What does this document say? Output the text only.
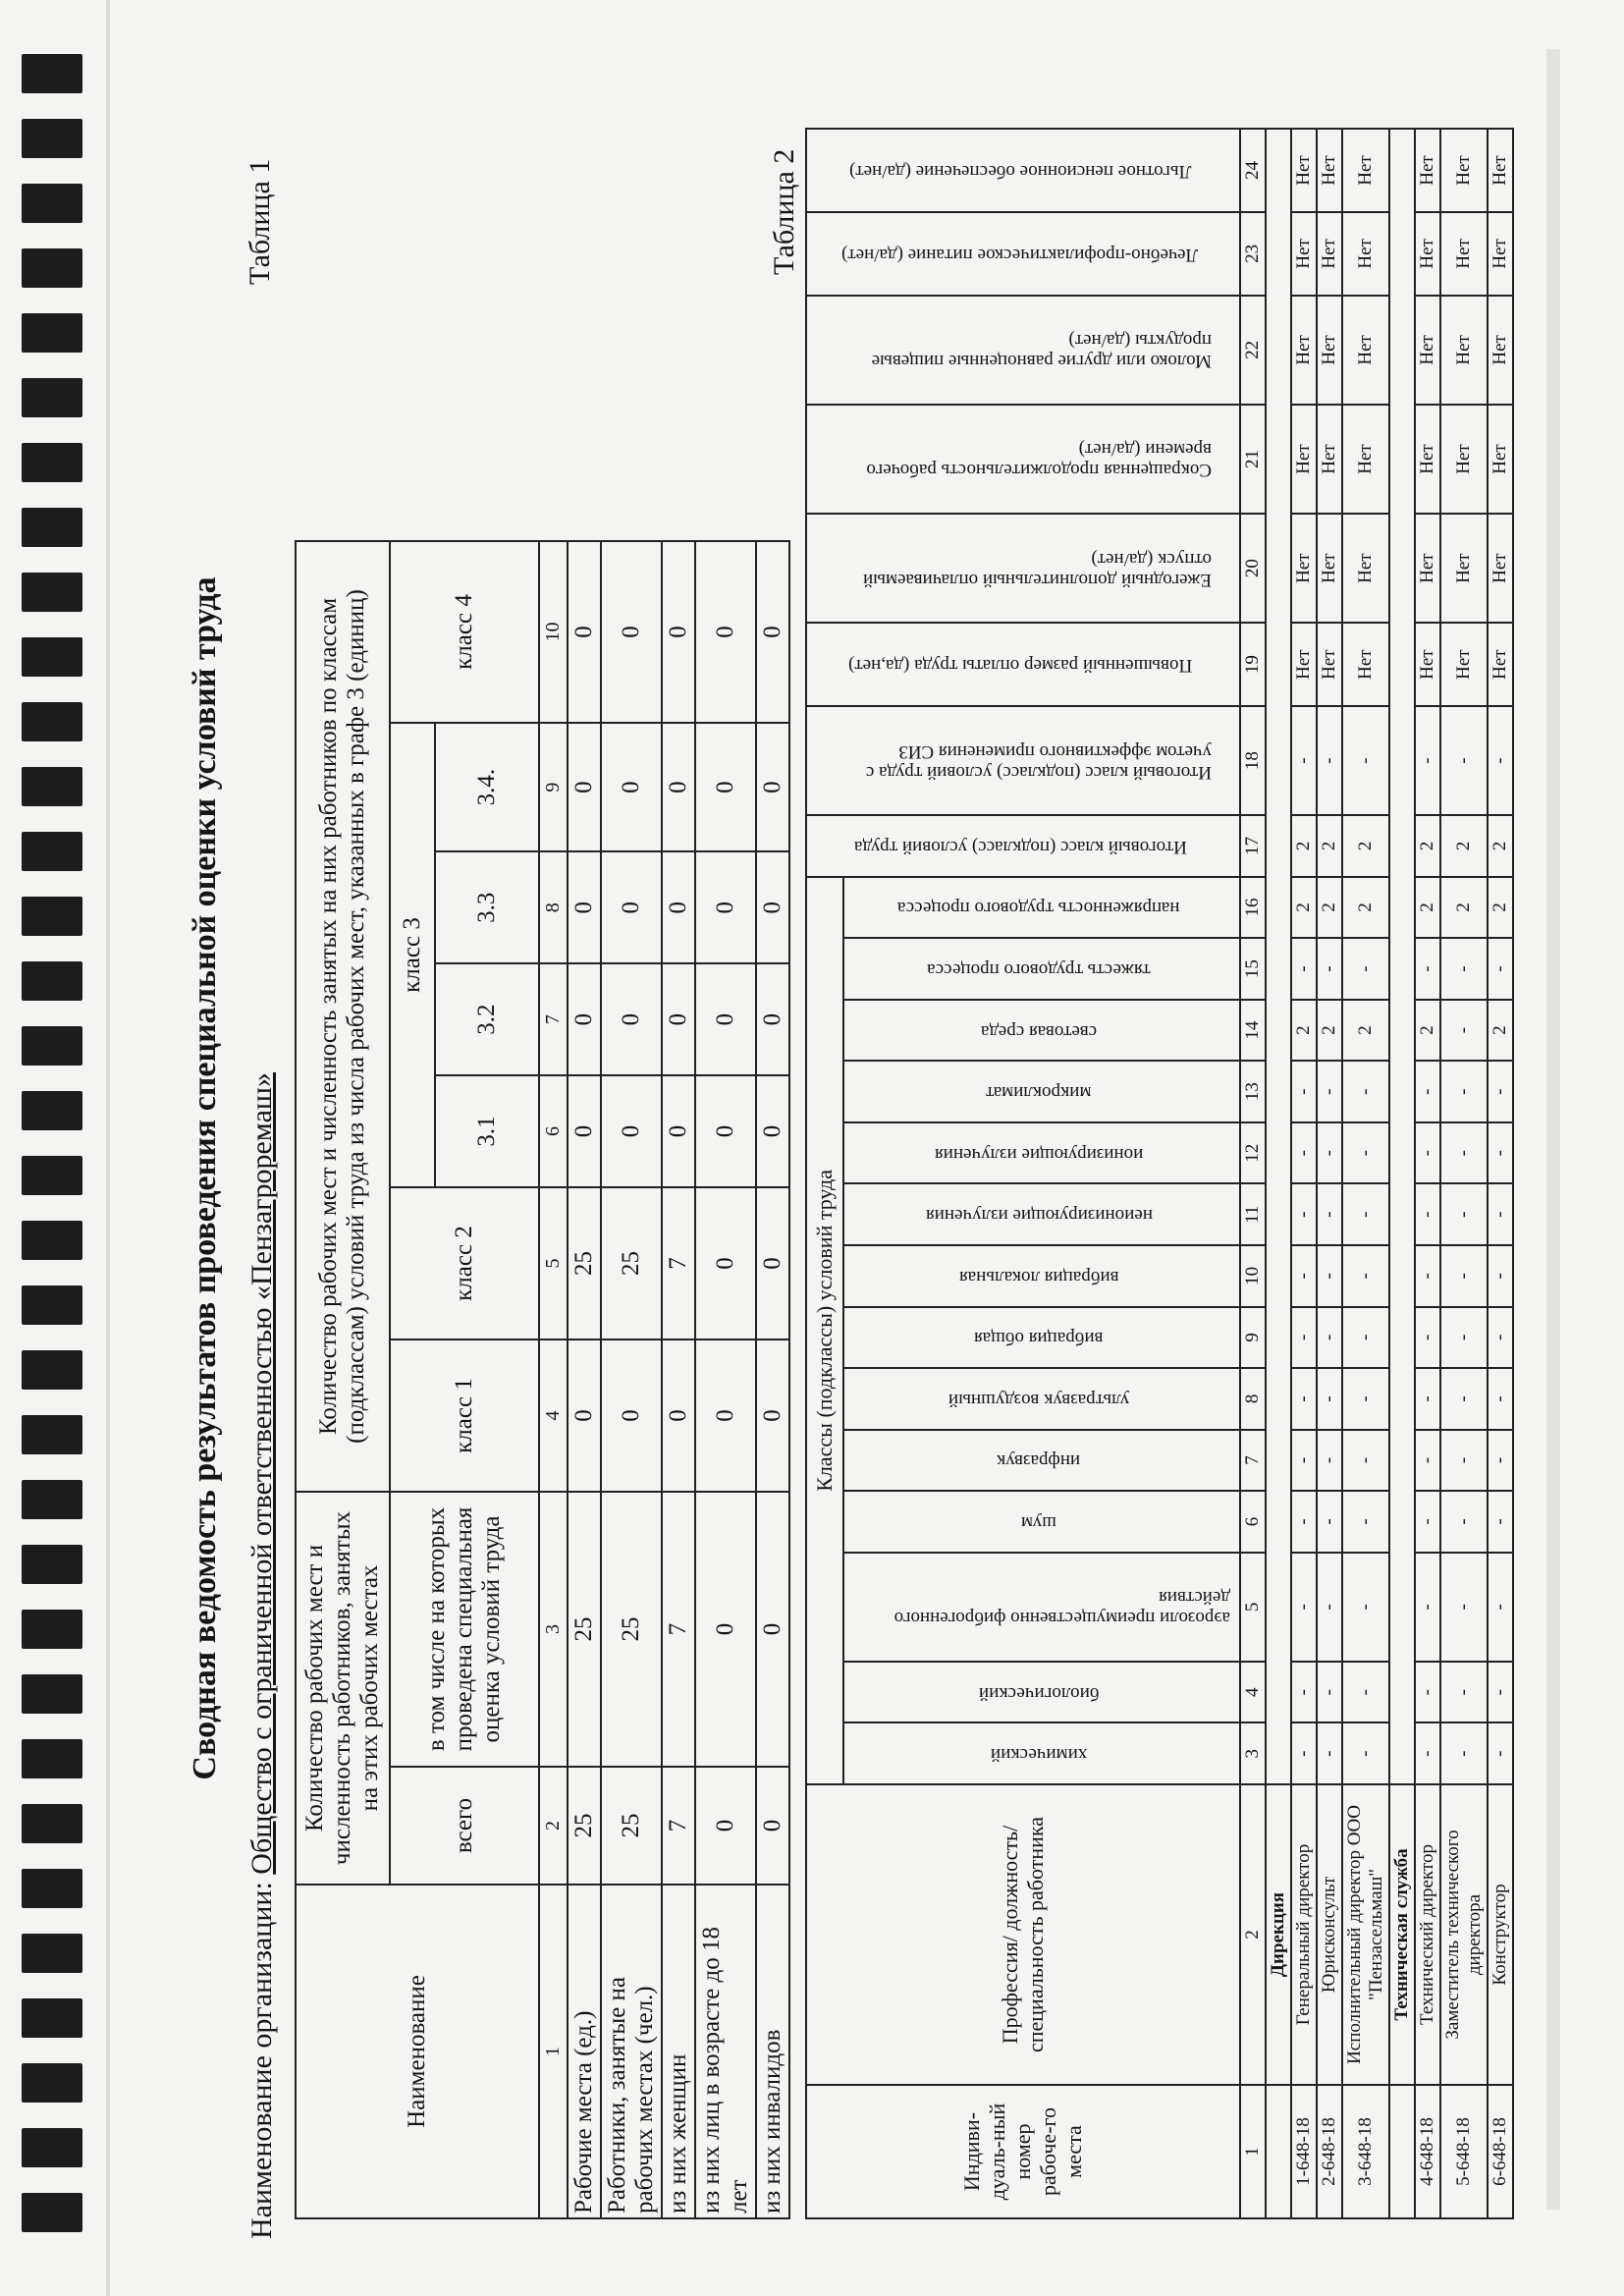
Сводная ведомость результатов проведения специальной оценки условий труда
Наименование организации: Общество с ограниченной ответственностью «Пензагроремаш»
Таблица 1
Наименование	Количество рабочих мест и численность работников, занятых на этих рабочих местах		Количество рабочих мест и численность занятых на них работников по классам (подклассам) условий труда из числа рабочих мест, указанных в графе 3 (единиц)						
	всего	в том числе на которых проведена специальная оценка условий труда	класс 1	класс 2	класс 3				класс 4
					3.1	3.2	3.3	3.4.	
1	2	3	4	5	6	7	8	9	10
Рабочие места (ед.)	25	25	0	25	0	0	0	0	0
Работники, занятые на рабочих местах (чел.)	25	25	0	25	0	0	0	0	0
из них женщин	7	7	0	7	0	0	0	0	0
из них лиц в возрасте до 18 лет	0	0	0	0	0	0	0	0	0
из них инвалидов	0	0	0	0	0	0	0	0	0
Таблица 2
Индиви-дуаль-ный номер рабоче-го места	Профессия/ должность/ специальность работника	Классы (подклассы) условий труда														Итоговый класс (подкласс) условий труда	Итоговый класс (подкласс) условий труда с учетом эффективного применения СИЗ	Повышенный размер оплаты труда (да,нет)	Ежегодный дополнительный оплачиваемый отпуск (да/нет)	Сокращенная продолжительность рабочего времени (да/нет)	Молоко или другие равноценные пищевые продукты (да/нет)	Лечебно-профилактическое питание (да/нет)	Льготное пенсионное обеспечение (да/нет)
		химический	биологический	аэрозоли преимущественно фиброгенного действия	шум	инфразвук	ультразвук воздушный	вибрация общая	вибрация локальная	неионизирующие излучения	ионизирующие излучения	микроклимат	световая среда	тяжесть трудового процесса	напряженность трудового процесса								
1	2	3	4	5	6	7	8	9	10	11	12	13	14	15	16	17	18	19	20	21	22	23	24
	Дирекция																						
1-648-18	Генеральный директор	-	-	-	-	-	-	-	-	-	-	-	2	-	2	2	-	Нет	Нет	Нет	Нет	Нет	Нет
2-648-18	Юрисконсульт	-	-	-	-	-	-	-	-	-	-	-	2	-	2	2	-	Нет	Нет	Нет	Нет	Нет	Нет
3-648-18	Исполнительный директор ООО "Пензасельмаш"	-	-	-	-	-	-	-	-	-	-	-	2	-	2	2	-	Нет	Нет	Нет	Нет	Нет	Нет
	Техническая служба																						
4-648-18	Технический директор	-	-	-	-	-	-	-	-	-	-	-	2	-	2	2	-	Нет	Нет	Нет	Нет	Нет	Нет
5-648-18	Заместитель технического директора	-	-	-	-	-	-	-	-	-	-	-	-	-	2	2	-	Нет	Нет	Нет	Нет	Нет	Нет
6-648-18	Конструктор	-	-	-	-	-	-	-	-	-	-	-	2	-	2	2	-	Нет	Нет	Нет	Нет	Нет	Нет
